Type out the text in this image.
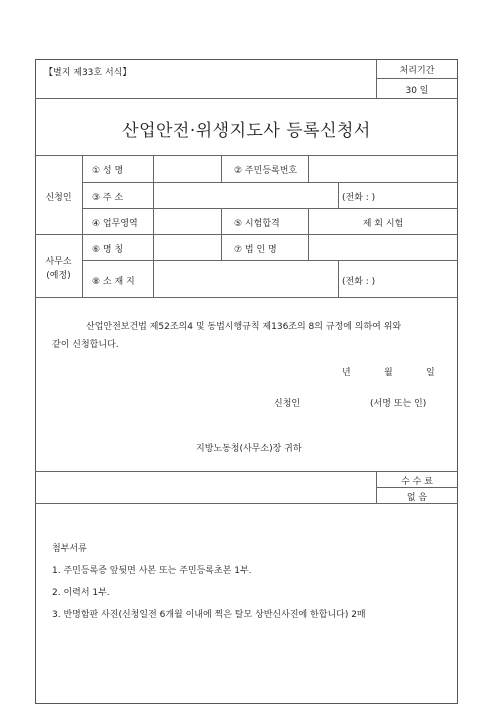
【별지 제33호 서식】	처리기간
30 일
산업안전·위생지도사 등록신청서
신청인
사무소
(예정)
① 성 명	② 주민등록번호
③ 주 소	(전화 : )
④ 업무영역	⑤ 시험합격	제 회 시험
⑥ 명 칭	⑦ 법 인 명
⑧ 소 재 지	(전화 : )
산업안전보건법 제52조의4 및 동법시행규칙 제136조의 8의 규정에 의하여 위와
같이 신청합니다.
년	월	일
신청인	(서명 또는 인)
지방노동청(사무소)장 귀하
수 수 료
없 음
첨부서류
1. 주민등록증 앞뒷면 사본 또는 주민등록초본 1부.
2. 이력서 1부.
3. 반명함판 사진(신청일전 6개월 이내에 찍은 탈모 상반신사진에 한합니다) 2매
